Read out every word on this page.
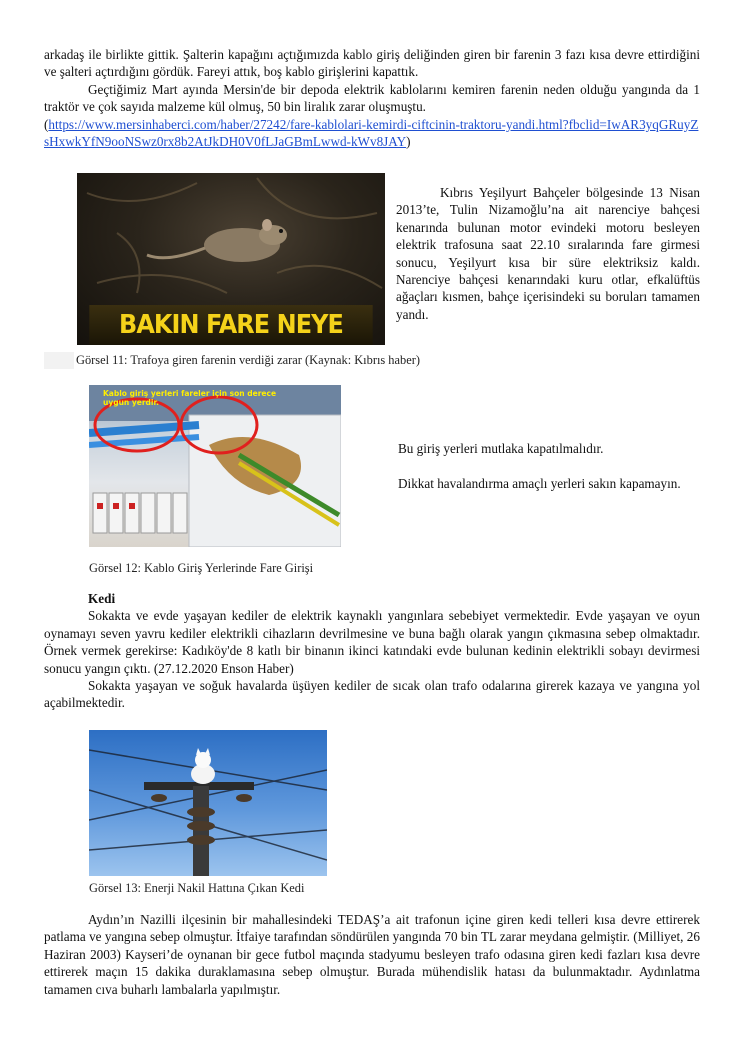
arkadaş ile birlikte gittik. Şalterin kapağını açtığımızda kablo giriş deliğinden giren bir farenin 3 fazı kısa devre ettirdiğini ve şalteri açtırdığını gördük. Fareyi attık, boş kablo girişlerini kapattık.

Geçtiğimiz Mart ayında Mersin'de bir depoda elektrik kablolarını kemiren farenin neden olduğu yangında da 1 traktör ve çok sayıda malzeme kül olmuş, 50 bin liralık zarar oluşmuştu.
(https://www.mersinhaberci.com/haber/27242/fare-kablolari-kemirdi-ciftcinin-traktoru-yandi.html?fbclid=IwAR3yqGRuyZsHxwkYfN9ooNSwz0rx8b2AtJkDH0V0fLJaGBmLwwd-kWv8JAY)

BAKIN FARE NEYE

Kıbrıs Yeşilyurt Bahçeler bölgesinde 13 Nisan 2013’te, Tulin Nizamoğlu’na ait narenciye bahçesi kenarında bulunan motor evindeki motoru besleyen elektrik trafosuna saat 22.10 sıralarında fare girmesi sonucu, Yeşilyurt kısa bir süre elektriksiz kaldı. Narenciye bahçesi kenarındaki kuru otlar, efkalüftüs ağaçları kısmen, bahçe içerisindeki su boruları tamamen yandı.

Görsel 11: Trafoya giren farenin verdiği zarar (Kaynak: Kıbrıs haber)
Kablo giriş yerleri fareler için son derece uygun yerdir.

Bu giriş yerleri mutlaka kapatılmalıdır.

Dikkat havalandırma amaçlı yerleri sakın kapamayın.

Görsel 12: Kablo Giriş Yerlerinde Fare Girişi

Kedi

Sokakta ve evde yaşayan kediler de elektrik kaynaklı yangınlara sebebiyet vermektedir. Evde yaşayan ve oyun oynamayı seven yavru kediler elektrikli cihazların devrilmesine ve buna bağlı olarak yangın çıkmasına sebep olmaktadır. Örnek vermek gerekirse: Kadıköy'de 8 katlı bir binanın ikinci katındaki evde bulunan kedinin elektrikli sobayı devirmesi sonucu yangın çıktı. (27.12.2020 Enson Haber)

Sokakta yaşayan ve soğuk havalarda üşüyen kediler de sıcak olan trafo odalarına girerek kazaya ve yangına yol açabilmektedir.

Görsel 13: Enerji Nakil Hattına Çıkan Kedi

Aydın’ın Nazilli ilçesinin bir mahallesindeki TEDAŞ’a ait trafonun içine giren kedi telleri kısa devre ettirerek patlama ve yangına sebep olmuştur. İtfaiye tarafından söndürülen yangında 70 bin TL zarar meydana gelmiştir. (Milliyet, 26 Haziran 2003) Kayseri’de oynanan bir gece futbol maçında stadyumu besleyen trafo odasına giren kedi fazları kısa devre ettirerek maçın 15 dakika duraklamasına sebep olmuştur. Burada mühendislik hatası da bulunmaktadır. Aydınlatma tamamen cıva buharlı lambalarla yapılmıştır.
